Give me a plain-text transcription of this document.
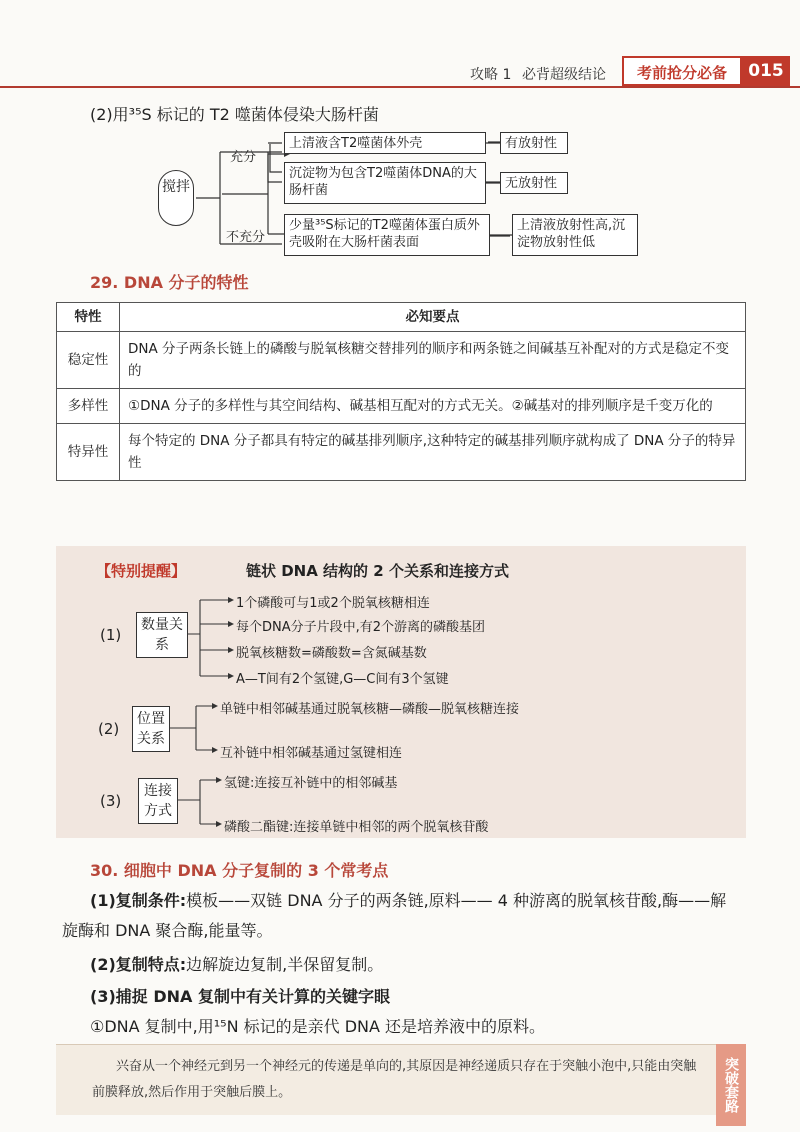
攻略 1 必背超级结论	考前抢分必备	015
(2)用³⁵S 标记的 T2 噬菌体侵染大肠杆菌
搅拌
充分
不充分
上清液含T2噬菌体外壳	有放射性
沉淀物为包含T2噬菌体DNA的大肠杆菌	无放射性
少量³⁵S标记的T2噬菌体蛋白质外壳吸附在大肠杆菌表面
上清液放射性高,沉淀物放射性低
29. DNA 分子的特性
特性	必知要点
稳定性	DNA 分子两条长链上的磷酸与脱氧核糖交替排列的顺序和两条链之间碱基互补配对的方式是稳定不变的
多样性	①DNA 分子的多样性与其空间结构、碱基相互配对的方式无关。②碱基对的排列顺序是千变万化的
特异性	每个特定的 DNA 分子都具有特定的碱基排列顺序,这种特定的碱基排列顺序就构成了 DNA 分子的特异性
【特别提醒】	链状 DNA 结构的 2 个关系和连接方式
(1)
数量关系
1个磷酸可与1或2个脱氧核糖相连
每个DNA分子片段中,有2个游离的磷酸基团
脱氧核糖数=磷酸数=含氮碱基数
A—T间有2个氢键,G—C间有3个氢键
(2)
位置关系
单链中相邻碱基通过脱氧核糖—磷酸—脱氧核糖连接
互补链中相邻碱基通过氢键相连
(3)
连接方式
氢键:连接互补链中的相邻碱基
磷酸二酯键:连接单链中相邻的两个脱氧核苷酸
30. 细胞中 DNA 分子复制的 3 个常考点
(1)复制条件:模板——双链 DNA 分子的两条链,原料—— 4 种游离的脱氧核苷酸,酶——解旋酶和 DNA 聚合酶,能量等。
(2)复制特点:边解旋边复制,半保留复制。
(3)捕捉 DNA 复制中有关计算的关键字眼
①DNA 复制中,用¹⁵N 标记的是亲代 DNA 还是培养液中的原料。
兴奋从一个神经元到另一个神经元的传递是单向的,其原因是神经递质只存在于突触小泡中,只能由突触前膜释放,然后作用于突触后膜上。	突破套路
